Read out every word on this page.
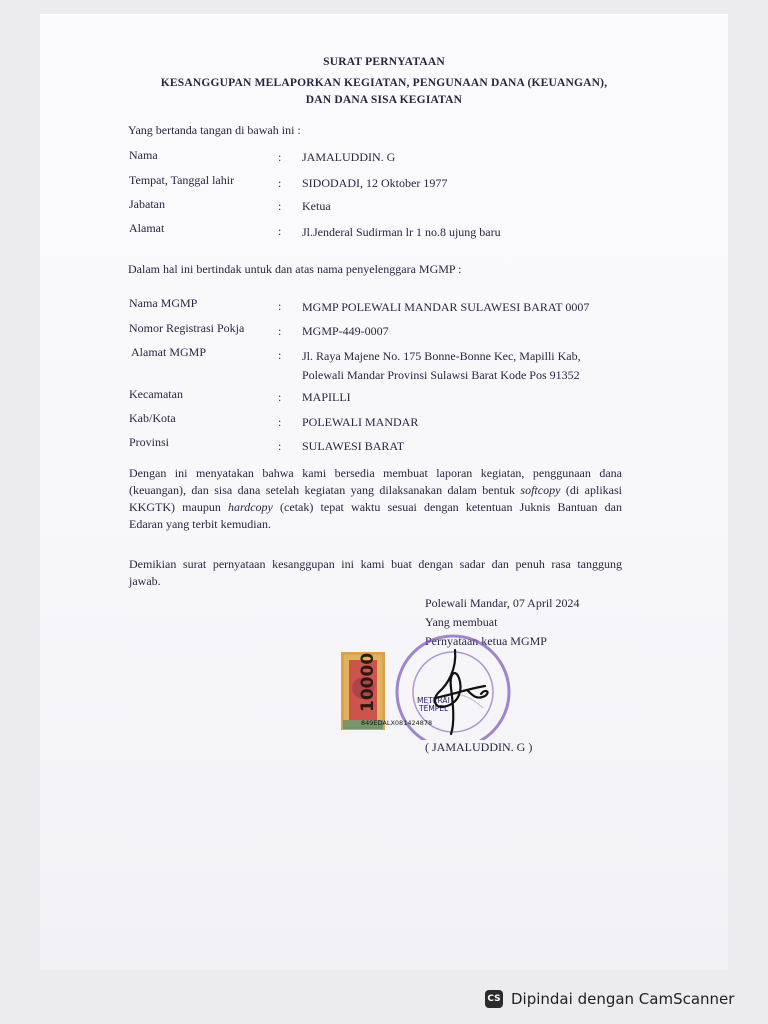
SURAT PERNYATAAN
KESANGGUPAN MELAPORKAN KEGIATAN, PENGUNAAN DANA (KEUANGAN),
DAN DANA SISA KEGIATAN
Yang bertanda tangan di bawah ini :
Nama	: JAMALUDDIN. G
Tempat, Tanggal lahir	: SIDODADI, 12 Oktober 1977
Jabatan	: Ketua
Alamat	: Jl.Jenderal Sudirman lr 1 no.8 ujung baru
Dalam hal ini bertindak untuk dan atas nama penyelenggara MGMP :
Nama MGMP	: MGMP POLEWALI MANDAR SULAWESI BARAT 0007
Nomor Registrasi Pokja	: MGMP-449-0007
Alamat MGMP	: Jl. Raya Majene No. 175 Bonne-Bonne Kec, Mapilli Kab,
Polewali Mandar Provinsi Sulawsi Barat Kode Pos 91352
Kecamatan	: MAPILLI
Kab/Kota	: POLEWALI MANDAR
Provinsi	: SULAWESI BARAT
Dengan ini menyatakan bahwa kami bersedia membuat laporan kegiatan, penggunaan dana
(keuangan), dan sisa dana setelah kegiatan yang dilaksanakan dalam bentuk softcopy (di aplikasi
KKGTK) maupun hardcopy (cetak) tepat waktu sesuai dengan ketentuan Juknis Bantuan dan
Edaran yang terbit kemudian.
Demikian surat pernyataan kesanggupan ini kami buat dengan sadar dan penuh rasa tanggung
jawab.
Polewali Mandar, 07 April 2024
Yang membuat
Pernyataan ketua MGMP
10000	METERAI
TEMPEL
849EDALX081424878
( JAMALUDDIN. G )
CS Dipindai dengan CamScanner
